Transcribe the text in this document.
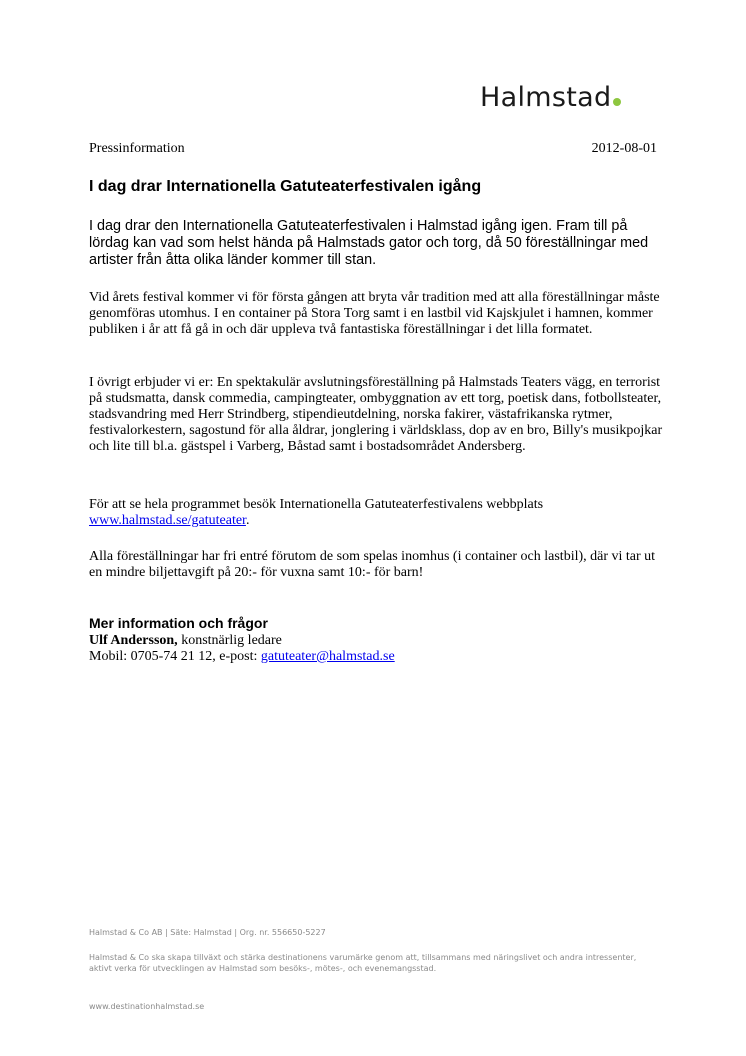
Halmstad
Pressinformation	2012-08-01
I dag drar Internationella Gatuteaterfestivalen igång

I dag drar den Internationella Gatuteaterfestivalen i Halmstad igång igen. Fram till på lördag kan vad som helst hända på Halmstads gator och torg, då 50 föreställningar med artister från åtta olika länder kommer till stan.

Vid årets festival kommer vi för första gången att bryta vår tradition med att alla föreställningar måste genomföras utomhus. I en container på Stora Torg samt i en lastbil vid Kajskjulet i hamnen, kommer publiken i år att få gå in och där uppleva två fantastiska föreställningar i det lilla formatet.

I övrigt erbjuder vi er: En spektakulär avslutningsföreställning på Halmstads Teaters vägg, en terrorist på studsmatta, dansk commedia, campingteater, ombyggnation av ett torg, poetisk dans, fotbollsteater, stadsvandring med Herr Strindberg, stipendieutdelning, norska fakirer, västafrikanska rytmer, festivalorkestern, sagostund för alla åldrar, jonglering i världsklass, dop av en bro, Billy's musikpojkar och lite till bl.a. gästspel i Varberg, Båstad samt i bostadsområdet Andersberg.

För att se hela programmet besök Internationella Gatuteaterfestivalens webbplats
www.halmstad.se/gatuteater.

Alla föreställningar har fri entré förutom de som spelas inomhus (i container och lastbil), där vi tar ut en mindre biljettavgift på 20:- för vuxna samt 10:- för barn!

Mer information och frågor

Ulf Andersson, konstnärlig ledare
Mobil: 0705-74 21 12, e-post: gatuteater@halmstad.se

Halmstad & Co AB | Säte: Halmstad | Org. nr. 556650-5227

Halmstad & Co ska skapa tillväxt och stärka destinationens varumärke genom att, tillsammans med näringslivet och andra intressenter, aktivt verka för utvecklingen av Halmstad som besöks-, mötes-, och evenemangsstad.

www.destinationhalmstad.se
